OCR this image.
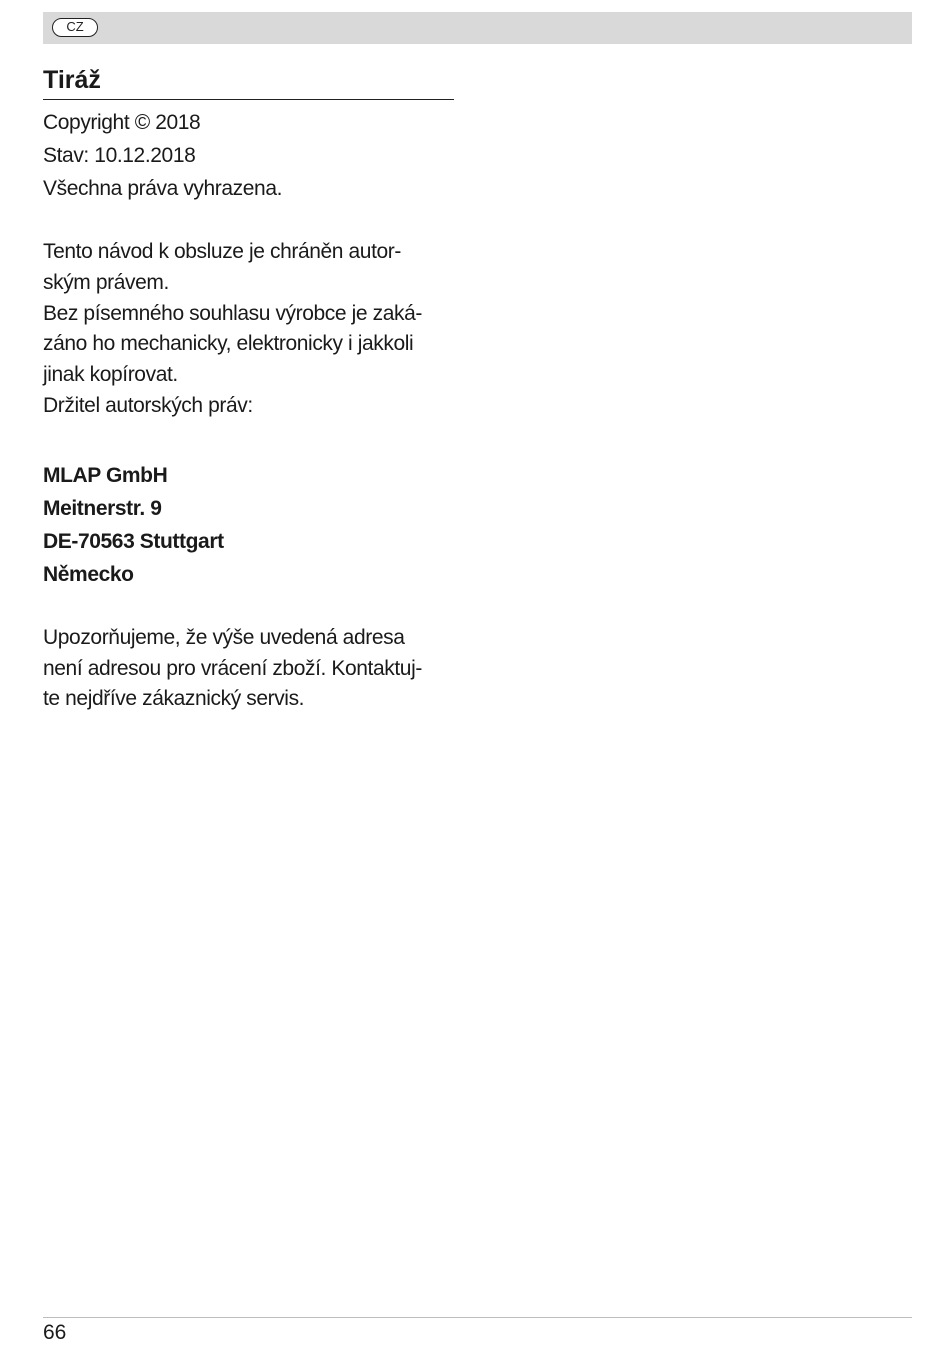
CZ
Tiráž

Copyright © 2018
Stav: 10.12.2018
Všechna práva vyhrazena.

Tento návod k obsluze je chráněn autor-
ským právem.
Bez písemného souhlasu výrobce je zaká-
záno ho mechanicky, elektronicky i jakkoli
jinak kopírovat.
Držitel autorských práv:

MLAP GmbH
Meitnerstr. 9
DE-70563 Stuttgart
Německo

Upozorňujeme, že výše uvedená adresa
není adresou pro vrácení zboží. Kontaktuj-
te nejdříve zákaznický servis.

66
